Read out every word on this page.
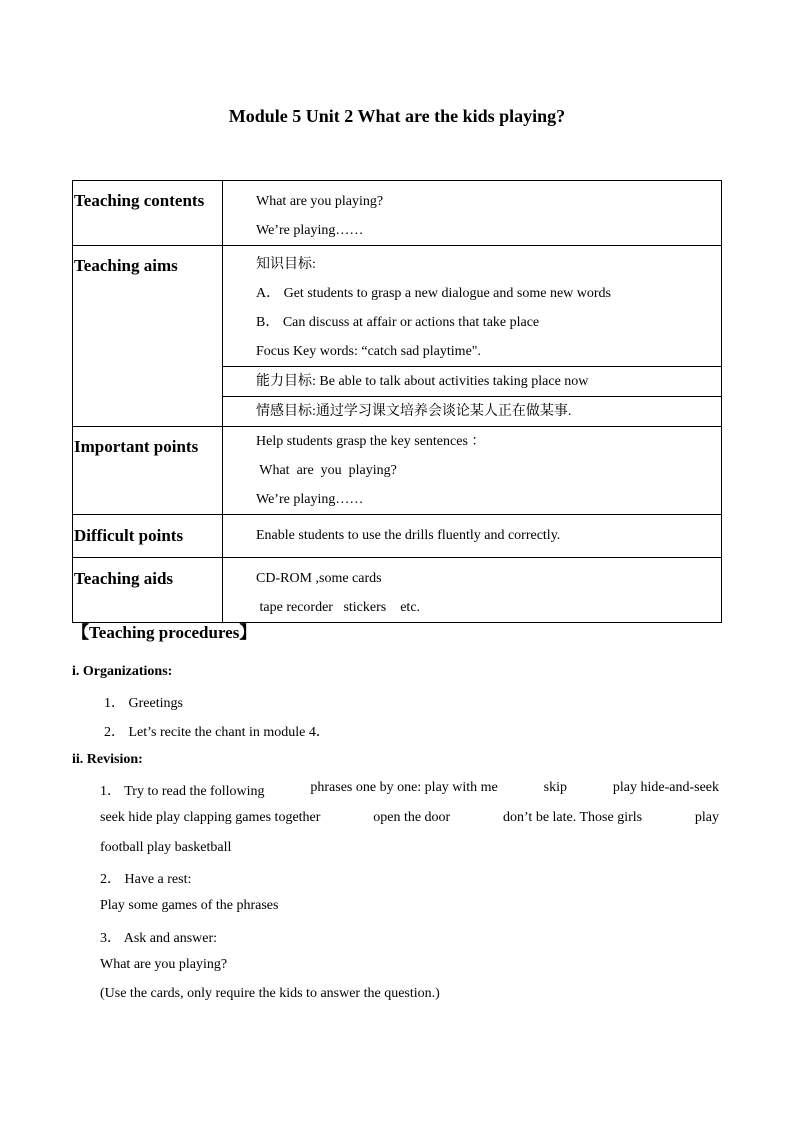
Module 5 Unit 2 What are the kids playing?
Teaching contents	What are you playing?
We’re playing……

Teaching aims	知识目标:
A． Get students to grasp a new dialogue and some new words
B． Can discuss at affair or actions that take place
Focus Key words: “catch sad playtime".

	能力目标: Be able to talk about activities taking place now

	情感目标:通过学习课文培养会谈论某人正在做某事.

Important points	Help students grasp the key sentences ：
What  are  you  playing?
We’re playing……

Difficult points	Enable students to use the drills fluently and correctly.

Teaching aids	CD-ROM ,some cards
tape recorder   stickers    etc.
【Teaching procedures】
i. Organizations:
1． Greetings
2． Let’s recite the chant in module 4．
ii. Revision:
1． Try to read the following	phrases one by one: play with me	skip	play hide-and-seek
seek hide play clapping games together	open the door	don’t be late. Those girls	play
football play basketball
2． Have a rest:
Play some games of the phrases
3． Ask and answer:
What are you playing?
(Use the cards, only require the kids to answer the question.)
